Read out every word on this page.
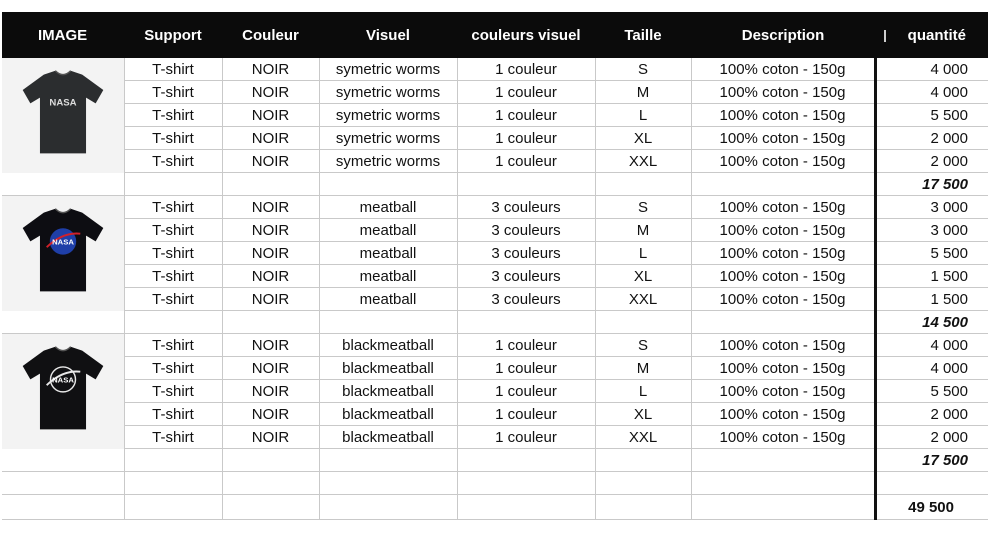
IMAGE	Support	Couleur	Visuel	couleurs visuel	Taille	Description	quantité

NASA	T-shirt	NOIR	symetric worms	1 couleur	S	100% coton - 150g	4 000
	T-shirt	NOIR	symetric worms	1 couleur	M	100% coton - 150g	4 000
	T-shirt	NOIR	symetric worms	1 couleur	L	100% coton - 150g	5 500
	T-shirt	NOIR	symetric worms	1 couleur	XL	100% coton - 150g	2 000
	T-shirt	NOIR	symetric worms	1 couleur	XXL	100% coton - 150g	2 000
							17 500

NASA	T-shirt	NOIR	meatball	3 couleurs	S	100% coton - 150g	3 000
	T-shirt	NOIR	meatball	3 couleurs	M	100% coton - 150g	3 000
	T-shirt	NOIR	meatball	3 couleurs	L	100% coton - 150g	5 500
	T-shirt	NOIR	meatball	3 couleurs	XL	100% coton - 150g	1 500
	T-shirt	NOIR	meatball	3 couleurs	XXL	100% coton - 150g	1 500
							14 500

NASA	T-shirt	NOIR	blackmeatball	1 couleur	S	100% coton - 150g	4 000
	T-shirt	NOIR	blackmeatball	1 couleur	M	100% coton - 150g	4 000
	T-shirt	NOIR	blackmeatball	1 couleur	L	100% coton - 150g	5 500
	T-shirt	NOIR	blackmeatball	1 couleur	XL	100% coton - 150g	2 000
	T-shirt	NOIR	blackmeatball	1 couleur	XXL	100% coton - 150g	2 000
							17 500

							49 500
